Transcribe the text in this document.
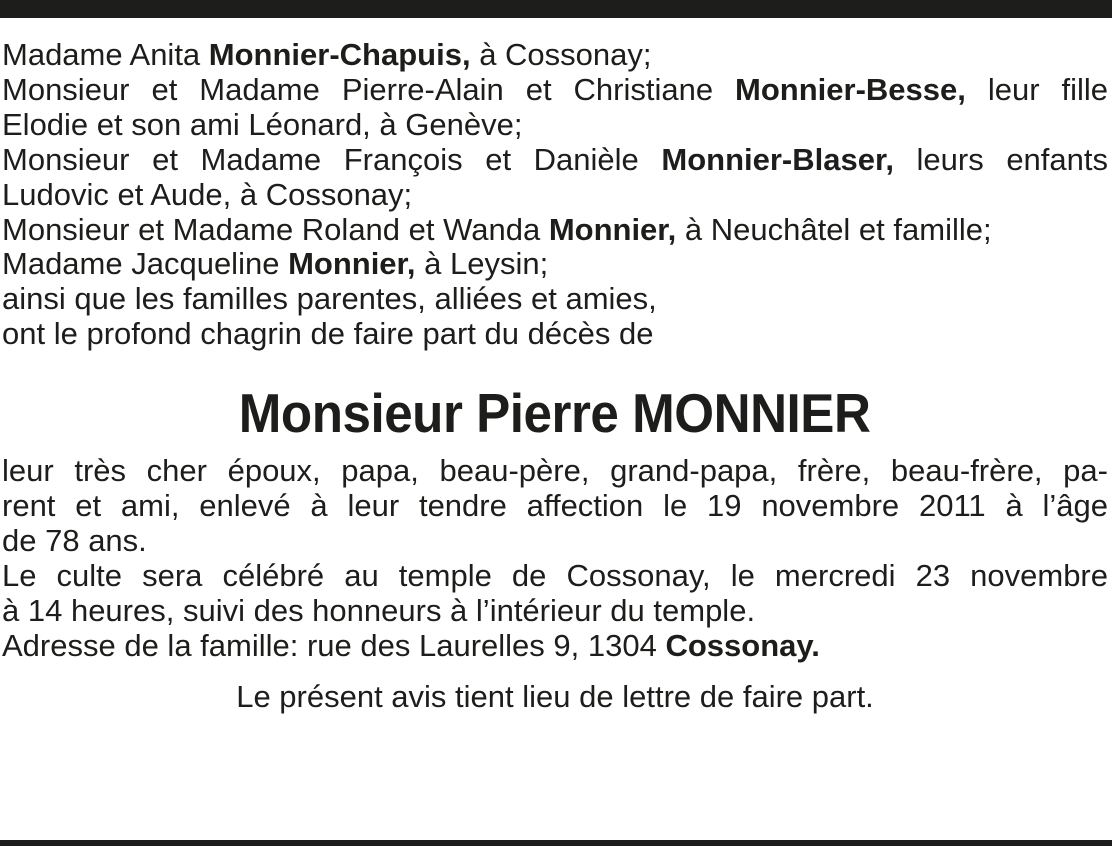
Madame Anita Monnier-Chapuis, à Cossonay;
Monsieur et Madame Pierre-Alain et Christiane Monnier-Besse, leur fille
Elodie et son ami Léonard, à Genève;
Monsieur et Madame François et Danièle Monnier-Blaser, leurs enfants
Ludovic et Aude, à Cossonay;
Monsieur et Madame Roland et Wanda Monnier, à Neuchâtel et famille;
Madame Jacqueline Monnier, à Leysin;
ainsi que les familles parentes, alliées et amies,
ont le profond chagrin de faire part du décès de
Monsieur Pierre MONNIER
leur très cher époux, papa, beau-père, grand-papa, frère, beau-frère, pa-
rent et ami, enlevé à leur tendre affection le 19 novembre 2011 à l’âge
de 78 ans.
Le culte sera célébré au temple de Cossonay, le mercredi 23 novembre
à 14 heures, suivi des honneurs à l’intérieur du temple.
Adresse de la famille: rue des Laurelles 9, 1304 Cossonay.
Le présent avis tient lieu de lettre de faire part.
